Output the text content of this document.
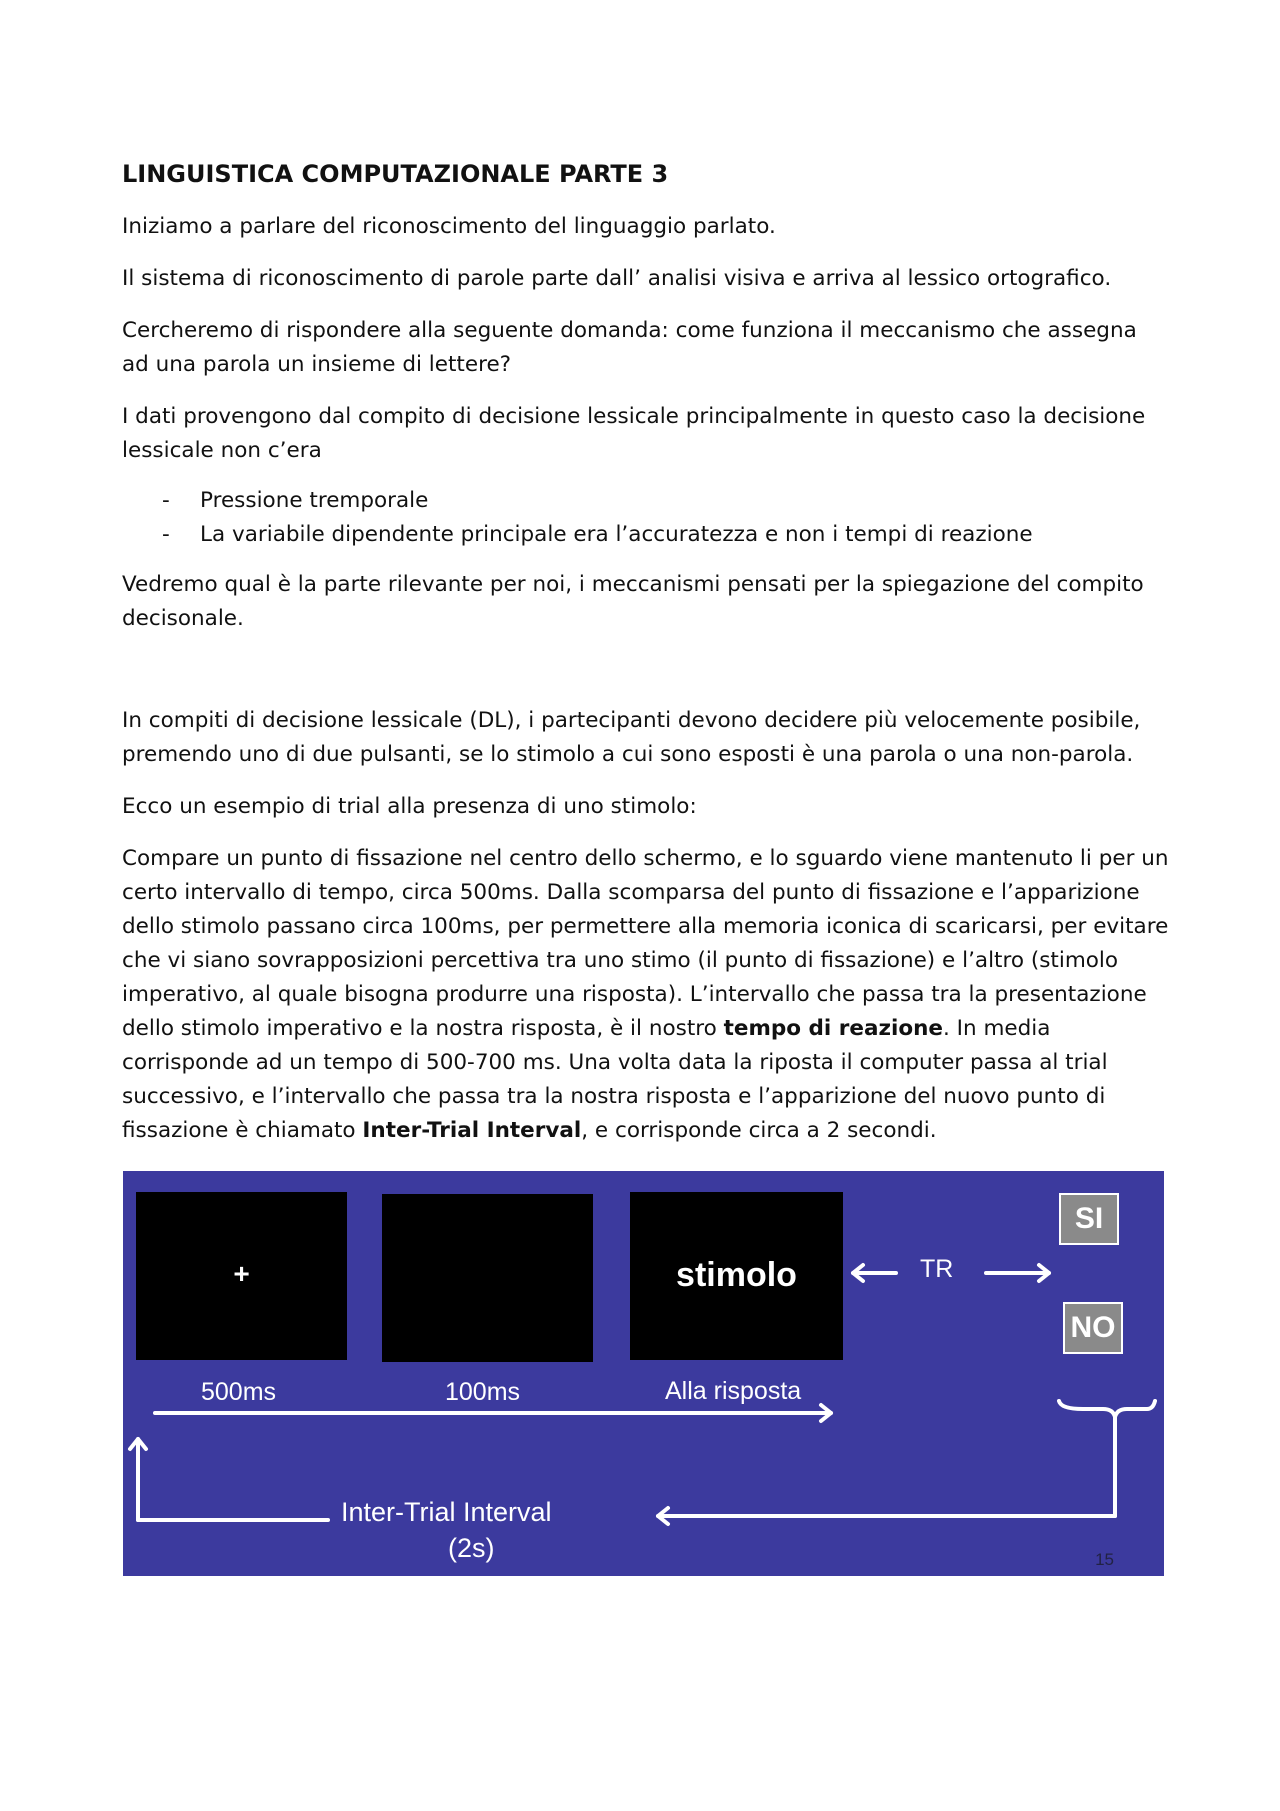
LINGUISTICA COMPUTAZIONALE PARTE 3

Iniziamo a parlare del riconoscimento del linguaggio parlato.

Il sistema di riconoscimento di parole parte dall’ analisi visiva e arriva al lessico ortografico.

Cercheremo di rispondere alla seguente domanda: come funziona il meccanismo che assegna ad una parola un insieme di lettere?

I dati provengono dal compito di decisione lessicale principalmente in questo caso la decisione lessicale non c’era

- Pressione tremporale
- La variabile dipendente principale era l’accuratezza e non i tempi di reazione

Vedremo qual è la parte rilevante per noi, i meccanismi pensati per la spiegazione del compito decisonale.

In compiti di decisione lessicale (DL), i partecipanti devono decidere più velocemente posibile, premendo uno di due pulsanti, se lo stimolo a cui sono esposti è una parola o una non-parola.

Ecco un esempio di trial alla presenza di uno stimolo:

Compare un punto di fissazione nel centro dello schermo, e lo sguardo viene mantenuto li per un certo intervallo di tempo, circa 500ms. Dalla scomparsa del punto di fissazione e l’apparizione dello stimolo passano circa 100ms, per permettere alla memoria iconica di scaricarsi, per evitare che vi siano sovrapposizioni percettiva tra uno stimo (il punto di fissazione) e l’altro (stimolo imperativo, al quale bisogna produrre una risposta). L’intervallo che passa tra la presentazione dello stimolo imperativo e la nostra risposta, è il nostro tempo di reazione. In media corrisponde ad un tempo di 500-700 ms. Una volta data la riposta il computer passa al trial successivo, e l’intervallo che passa tra la nostra risposta e l’apparizione del nuovo punto di fissazione è chiamato Inter-Trial Interval, e corrisponde circa a 2 secondi.

+	stimolo	TR
SI
NO
500ms	100ms	Alla risposta
Inter-Trial Interval
(2s)	15
